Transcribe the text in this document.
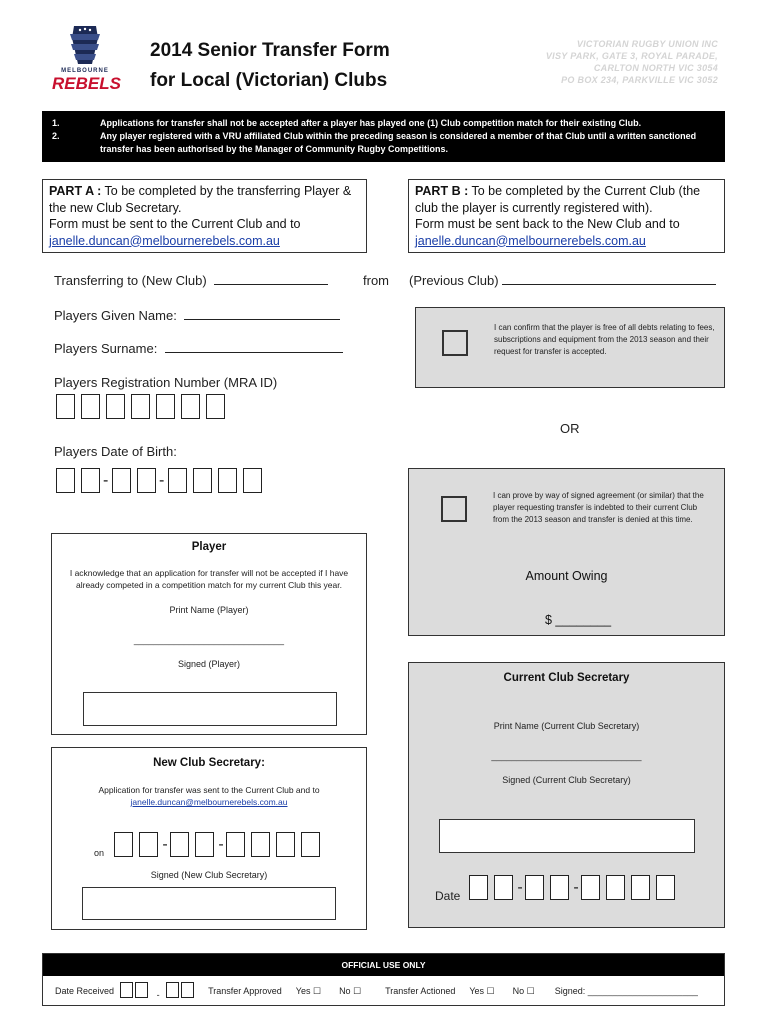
MELBOURNE
REBELS
2014 Senior Transfer Form
for Local (Victorian) Clubs
VICTORIAN RUGBY UNION INC
VISY PARK, GATE 3, ROYAL PARADE,
CARLTON NORTH VIC 3054
PO BOX 234, PARKVILLE VIC 3052
1.	Applications for transfer shall not be accepted after a player has played one (1) Club competition match for their existing Club.
2.	Any player registered with a VRU affiliated Club within the preceding season is considered a member of that Club until a written sanctioned transfer has been authorised by the Manager of Community Rugby Competitions.
PART A : To be completed by the transferring Player & the new Club Secretary.
Form must be sent to the Current Club and to
janelle.duncan@melbournerebels.com.au
PART B : To be completed by the Current Club (the club the player is currently registered with).
Form must be sent back to the New Club and to
janelle.duncan@melbournerebels.com.au
Transferring to (New Club)	from (Previous Club)
Players Given Name:
Players Surname:
Players Registration Number (MRA ID)
Players Date of Birth:
-	-
I can confirm that the player is free of all debts relating to fees, subscriptions and equipment from the 2013 season and their request for transfer is accepted.
OR
I can prove by way of signed agreement (or similar) that the player requesting transfer is indebted to their current Club from the 2013 season and transfer is denied at this time.
Amount Owing
$ ________
Player
I acknowledge that an application for transfer will not be accepted if I have already competed in a competition match for my current Club this year.
Print Name (Player)
______________________________
Signed (Player)
Current Club Secretary
Print Name (Current Club Secretary)
______________________________
Signed (Current Club Secretary)
Date
-	-
New Club Secretary:
Application for transfer was sent to the Current Club and to janelle.duncan@melbournerebels.com.au
on
-	-
Signed (New Club Secretary)
OFFICIAL USE ONLY
Date Received	-	Transfer Approved Yes ☐ No ☐	Transfer Actioned Yes ☐ No ☐ Signed: ______________________
